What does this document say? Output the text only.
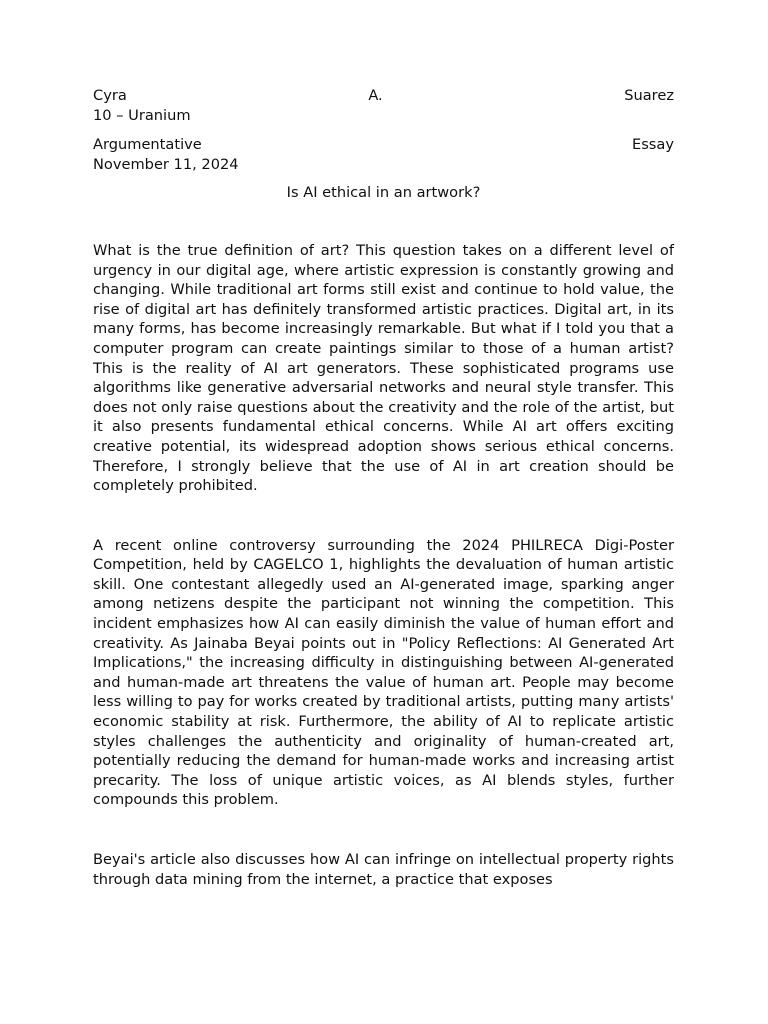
Cyra	A.	Suarez
10 – Uranium
Argumentative	Essay
November 11, 2024
Is AI ethical in an artwork?

What is the true definition of art? This question takes on a different level of urgency in our digital age, where artistic expression is constantly growing and changing. While traditional art forms still exist and continue to hold value, the rise of digital art has definitely transformed artistic practices. Digital art, in its many forms, has become increasingly remarkable. But what if I told you that a computer program can create paintings similar to those of a human artist? This is the reality of AI art generators. These sophisticated programs use algorithms like generative adversarial networks and neural style transfer. This does not only raise questions about the creativity and the role of the artist, but it also presents fundamental ethical concerns. While AI art offers exciting creative potential, its widespread adoption shows serious ethical concerns. Therefore, I strongly believe that the use of AI in art creation should be completely prohibited.

A recent online controversy surrounding the 2024 PHILRECA Digi-Poster Competition, held by CAGELCO 1, highlights the devaluation of human artistic skill. One contestant allegedly used an AI-generated image, sparking anger among netizens despite the participant not winning the competition. This incident emphasizes how AI can easily diminish the value of human effort and creativity. As Jainaba Beyai points out in "Policy Reflections: AI Generated Art Implications," the increasing difficulty in distinguishing between AI-generated and human-made art threatens the value of human art. People may become less willing to pay for works created by traditional artists, putting many artists' economic stability at risk. Furthermore, the ability of AI to replicate artistic styles challenges the authenticity and originality of human-created art, potentially reducing the demand for human-made works and increasing artist precarity. The loss of unique artistic voices, as AI blends styles, further compounds this problem.

Beyai's article also discusses how AI can infringe on intellectual property rights through data mining from the internet, a practice that exposes
